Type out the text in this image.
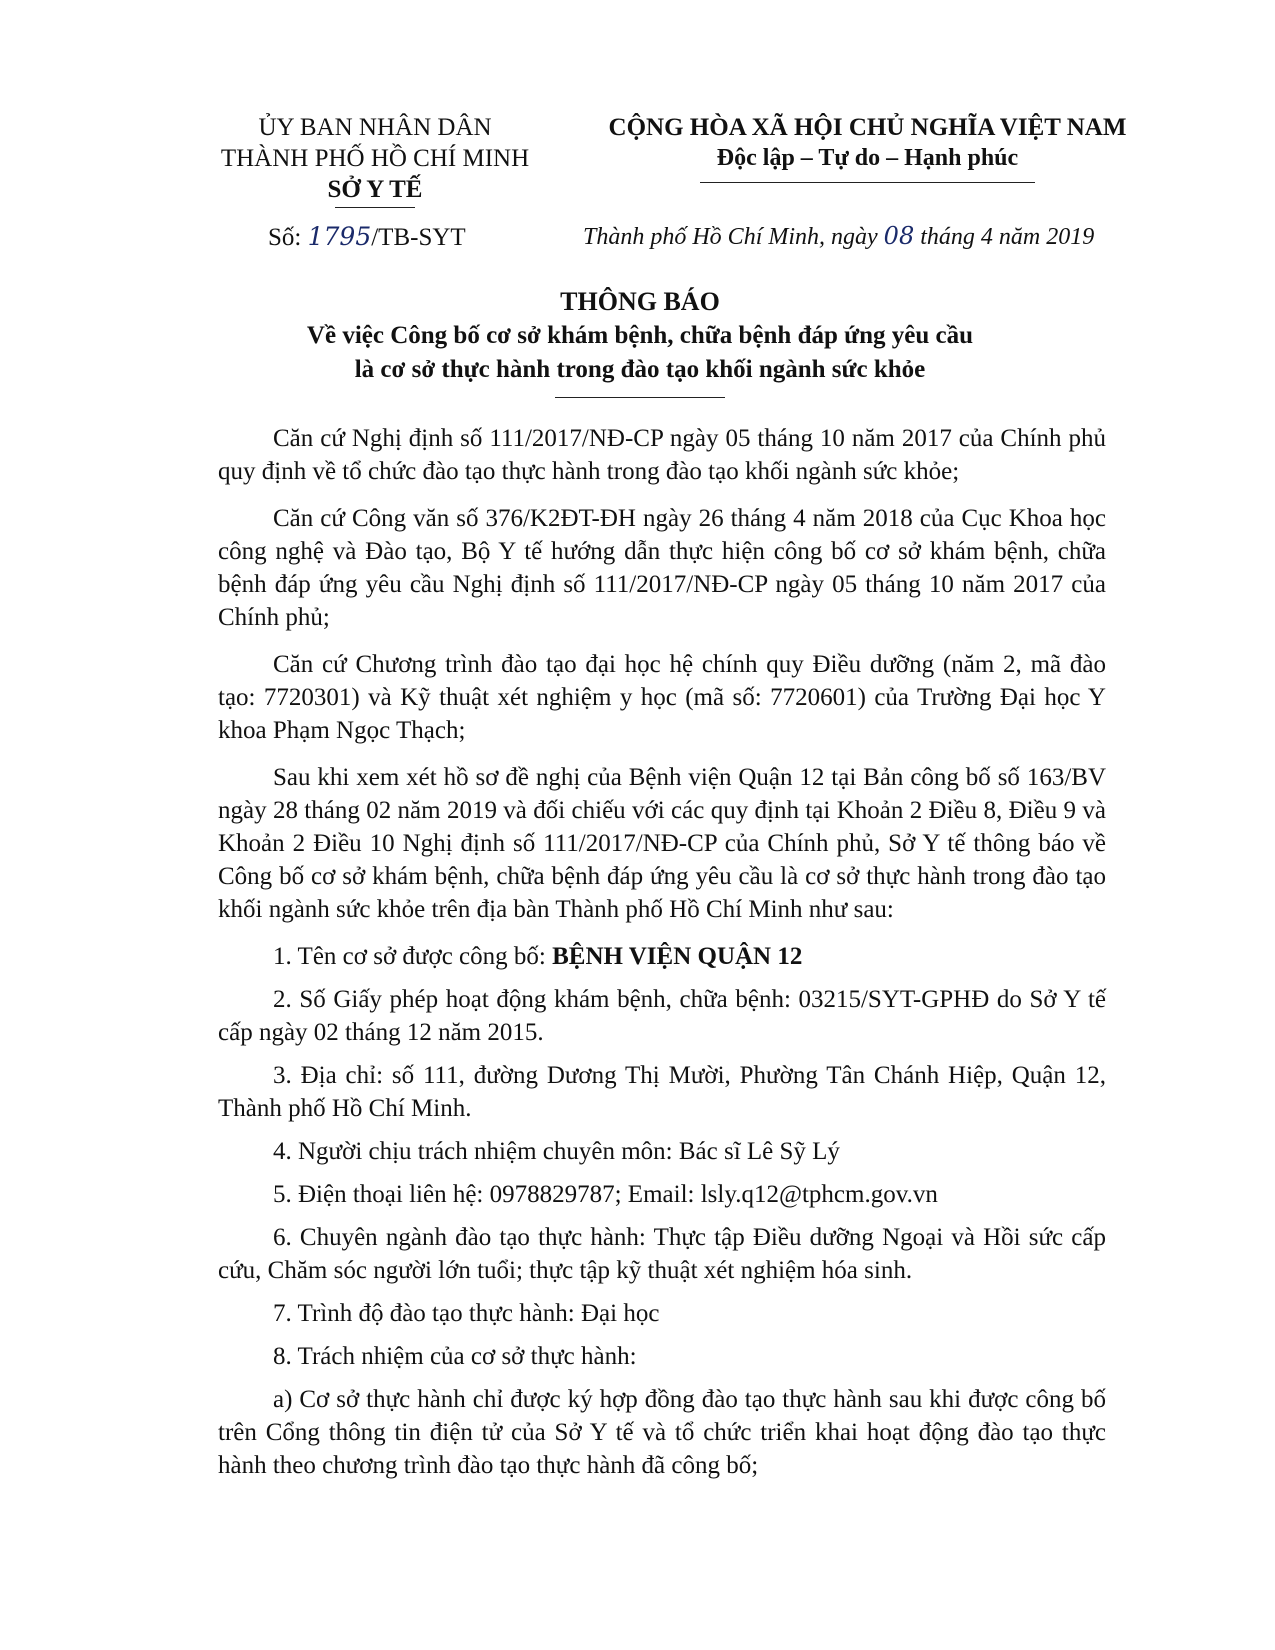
ỦY BAN NHÂN DÂN
THÀNH PHỐ HỒ CHÍ MINH
SỞ Y TẾ
CỘNG HÒA XÃ HỘI CHỦ NGHĨA VIỆT NAM
Độc lập – Tự do – Hạnh phúc
Số: 1795/TB-SYT	Thành phố Hồ Chí Minh, ngày 08 tháng 4 năm 2019
THÔNG BÁO
Về việc Công bố cơ sở khám bệnh, chữa bệnh đáp ứng yêu cầu
là cơ sở thực hành trong đào tạo khối ngành sức khỏe

Căn cứ Nghị định số 111/2017/NĐ-CP ngày 05 tháng 10 năm 2017 của Chính phủ quy định về tổ chức đào tạo thực hành trong đào tạo khối ngành sức khỏe;

Căn cứ Công văn số 376/K2ĐT-ĐH ngày 26 tháng 4 năm 2018 của Cục Khoa học công nghệ và Đào tạo, Bộ Y tế hướng dẫn thực hiện công bố cơ sở khám bệnh, chữa bệnh đáp ứng yêu cầu Nghị định số 111/2017/NĐ-CP ngày 05 tháng 10 năm 2017 của Chính phủ;

Căn cứ Chương trình đào tạo đại học hệ chính quy Điều dưỡng (năm 2, mã đào tạo: 7720301) và Kỹ thuật xét nghiệm y học (mã số: 7720601) của Trường Đại học Y khoa Phạm Ngọc Thạch;

Sau khi xem xét hồ sơ đề nghị của Bệnh viện Quận 12 tại Bản công bố số 163/BV ngày 28 tháng 02 năm 2019 và đối chiếu với các quy định tại Khoản 2 Điều 8, Điều 9 và Khoản 2 Điều 10 Nghị định số 111/2017/NĐ-CP của Chính phủ, Sở Y tế thông báo về Công bố cơ sở khám bệnh, chữa bệnh đáp ứng yêu cầu là cơ sở thực hành trong đào tạo khối ngành sức khỏe trên địa bàn Thành phố Hồ Chí Minh như sau:

1. Tên cơ sở được công bố: BỆNH VIỆN QUẬN 12

2. Số Giấy phép hoạt động khám bệnh, chữa bệnh: 03215/SYT-GPHĐ do Sở Y tế cấp ngày 02 tháng 12 năm 2015.

3. Địa chỉ: số 111, đường Dương Thị Mười, Phường Tân Chánh Hiệp, Quận 12, Thành phố Hồ Chí Minh.

4. Người chịu trách nhiệm chuyên môn: Bác sĩ Lê Sỹ Lý

5. Điện thoại liên hệ: 0978829787; Email: lsly.q12@tphcm.gov.vn

6. Chuyên ngành đào tạo thực hành: Thực tập Điều dưỡng Ngoại và Hồi sức cấp cứu, Chăm sóc người lớn tuổi; thực tập kỹ thuật xét nghiệm hóa sinh.

7. Trình độ đào tạo thực hành: Đại học

8. Trách nhiệm của cơ sở thực hành:

a) Cơ sở thực hành chỉ được ký hợp đồng đào tạo thực hành sau khi được công bố trên Cổng thông tin điện tử của Sở Y tế và tổ chức triển khai hoạt động đào tạo thực hành theo chương trình đào tạo thực hành đã công bố;
